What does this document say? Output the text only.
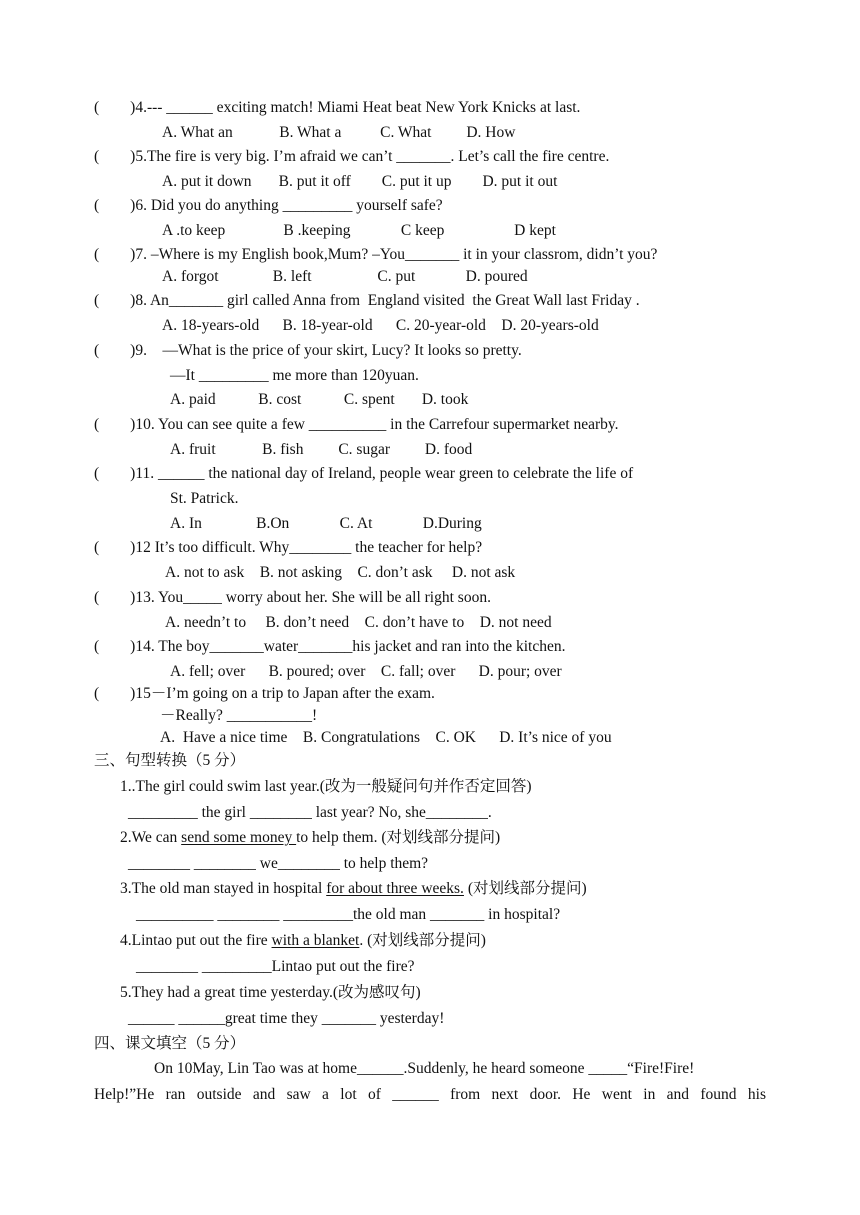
(        )4.--- ______ exciting match! Miami Heat beat New York Knicks at last.
A. What an            B. What a          C. What         D. How
(        )5.The fire is very big. I’m afraid we can’t _______. Let’s call the fire centre.
A. put it down       B. put it off        C. put it up        D. put it out
(        )6. Did you do anything _________ yourself safe?
A .to keep               B .keeping             C keep                  D kept
(        )7. –Where is my English book,Mum? –You_______ it in your classrom, didn’t you?
A. forgot              B. left                 C. put             D. poured
(        )8. An_______ girl called Anna from  England visited  the Great Wall last Friday .
A. 18-years-old      B. 18-year-old      C. 20-year-old    D. 20-years-old
(        )9.    —What is the price of your skirt, Lucy? It looks so pretty.
—It _________ me more than 120yuan.
A. paid           B. cost           C. spent       D. took
(        )10. You can see quite a few __________ in the Carrefour supermarket nearby.
A. fruit            B. fish         C. sugar         D. food
(        )11. ______ the national day of Ireland, people wear green to celebrate the life of
St. Patrick.
A. In              B.On             C. At             D.During
(        )12 It’s too difficult. Why________ the teacher for help?
A. not to ask    B. not asking    C. don’t ask     D. not ask
(        )13. You_____ worry about her. She will be all right soon.
A. needn’t to     B. don’t need    C. don’t have to    D. not need
(        )14. The boy_______water_______his jacket and ran into the kitchen.
A. fell; over      B. poured; over    C. fall; over      D. pour; over
(        )15－I’m going on a trip to Japan after the exam.
－Really? ___________!
A.  Have a nice time    B. Congratulations    C. OK      D. It’s nice of you
三、句型转换（5 分）
1..The girl could swim last year.(改为一般疑问句并作否定回答)
_________ the girl ________ last year? No, she________.
2.We can send some money to help them. (对划线部分提问)
________ ________ we________ to help them?
3.The old man stayed in hospital for about three weeks. (对划线部分提问)
__________ ________ _________the old man _______ in hospital?
4.Lintao put out the fire with a blanket. (对划线部分提问)
________ _________Lintao put out the fire?
5.They had a great time yesterday.(改为感叹句)
______ ______great time they _______ yesterday!
四、课文填空（5 分）
On 10May, Lin Tao was at home______.Suddenly, he heard someone _____“Fire!Fire!
Help!”He ran outside and saw a lot of ______ from next door. He went in and found his
